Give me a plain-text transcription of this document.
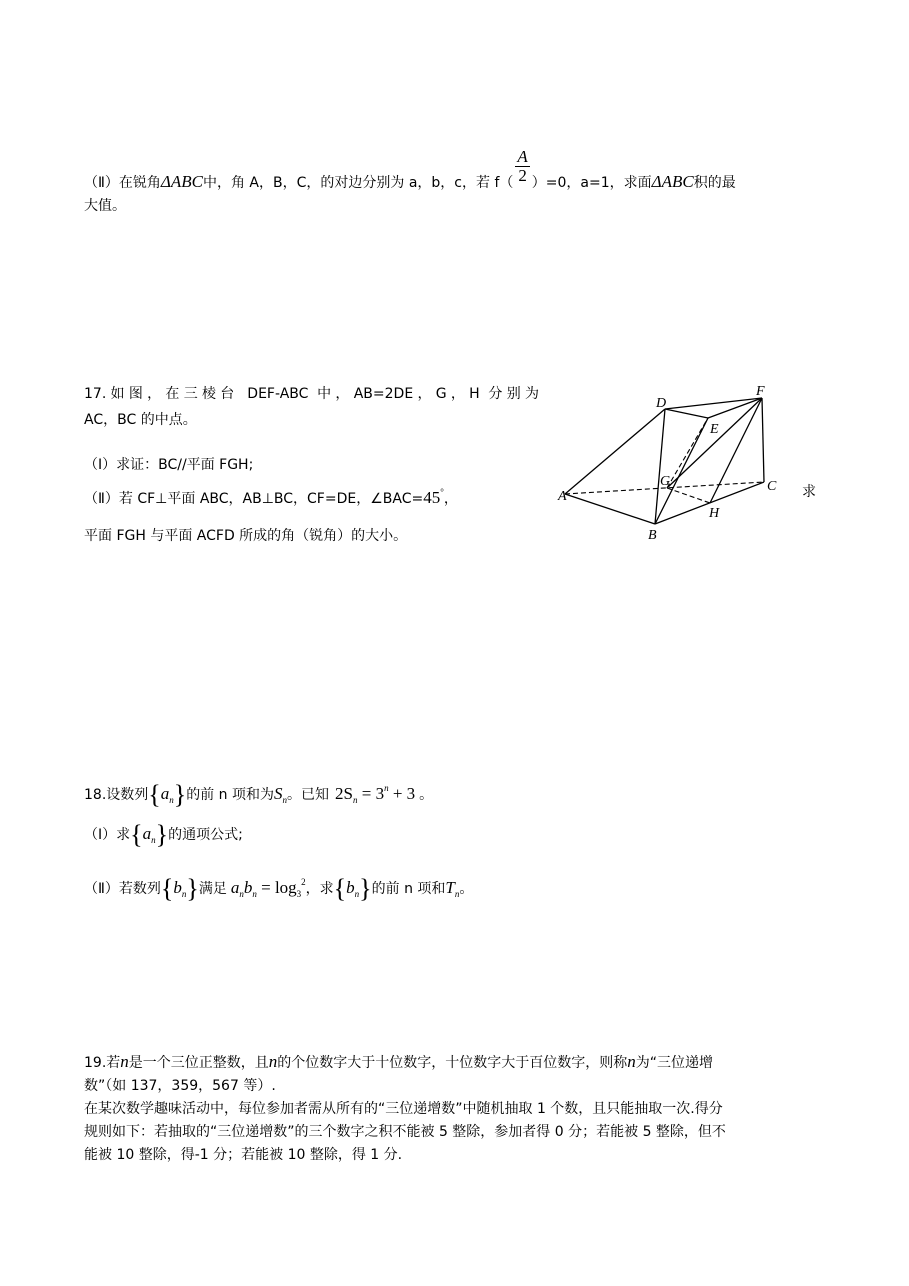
（Ⅱ）在锐角ΔABC中，角 A，B，C，的对边分别为 a，b，c，若 $f( \frac{A}{2} )=0$，a=1，求面ΔABC积的最
大值。
17.如图，在三棱台 DEF-ABC 中，AB=2DE，G，H 分别为
AC，BC 的中点。
（Ⅰ）求证：BC//平面 FGH;
（Ⅱ）若 CF⊥平面 ABC，AB⊥BC，CF=DE，∠BAC=45°，	求
平面 FGH 与平面 ACFD 所成的角（锐角）的大小。
D
F
E
G	C
A
H
B
18.设数列$\{a_n\}$的前 n 项和为$S_n$。已知 $2S_n = 3^n + 3$ 。
（Ⅰ）求$\{a_n\}$的通项公式;
（Ⅱ）若数列$\{b_n\}$满足 $a_nb_n = \log_3^2$，求$\{b_n\}$的前 n 项和$T_n$。
19.若n是一个三位正整数，且n的个位数字大于十位数字，十位数字大于百位数字，则称n为“三位递增
数”（如 137，359，567 等）.
在某次数学趣味活动中，每位参加者需从所有的“三位递增数”中随机抽取 1 个数，且只能抽取一次.得分
规则如下：若抽取的“三位递增数”的三个数字之积不能被 5 整除，参加者得 0 分；若能被 5 整除，但不
能被 10 整除，得-1 分；若能被 10 整除，得 1 分.
